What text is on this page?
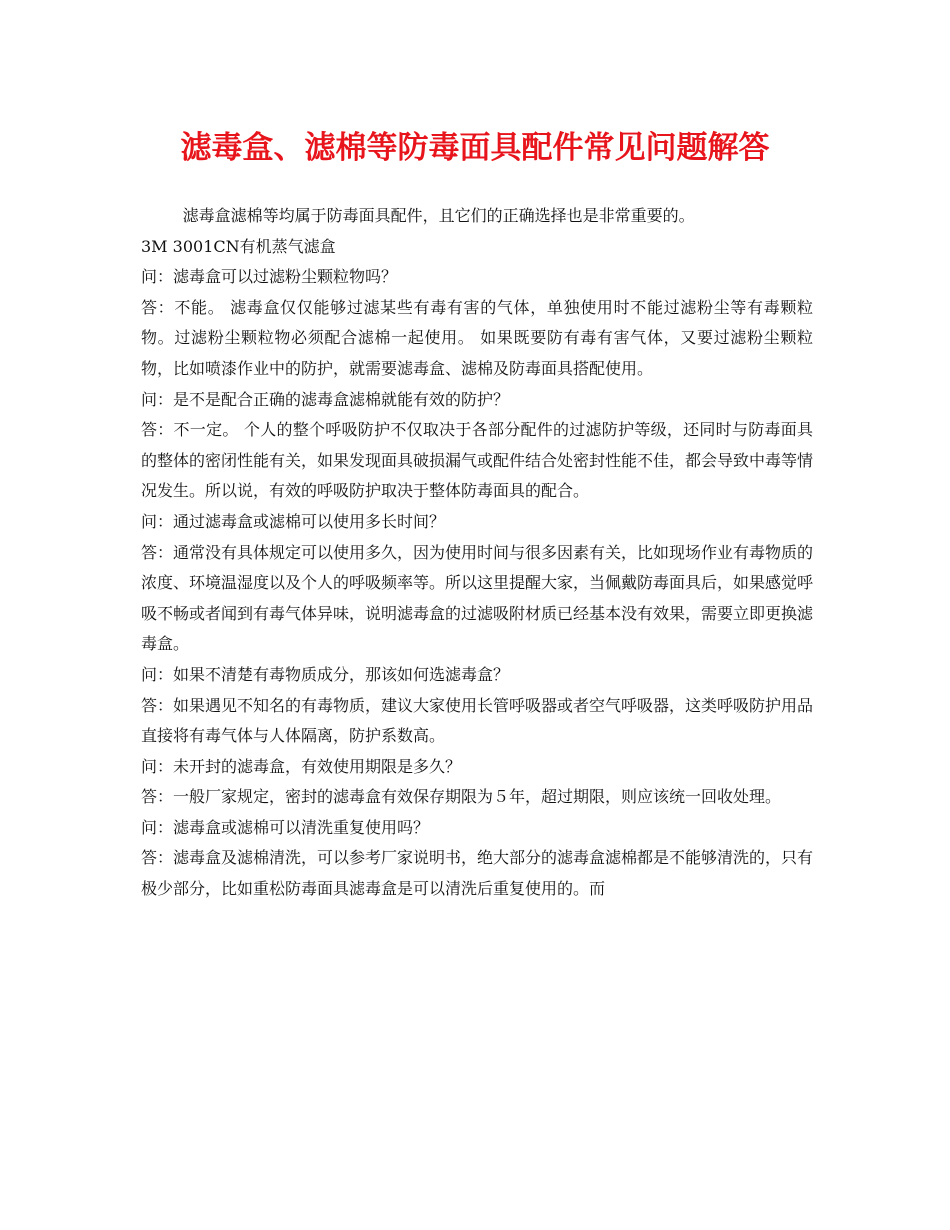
滤毒盒、滤棉等防毒面具配件常见问题解答

滤毒盒滤棉等均属于防毒面具配件，且它们的正确选择也是非常重要的。

3M 3001CN有机蒸气滤盒

问：滤毒盒可以过滤粉尘颗粒物吗？

答：不能。 滤毒盒仅仅能够过滤某些有毒有害的气体，单独使用时不能过滤粉尘等有毒颗粒物。过滤粉尘颗粒物必须配合滤棉一起使用。 如果既要防有毒有害气体，又要过滤粉尘颗粒物，比如喷漆作业中的防护，就需要滤毒盒、滤棉及防毒面具搭配使用。

问：是不是配合正确的滤毒盒滤棉就能有效的防护？

答：不一定。 个人的整个呼吸防护不仅取决于各部分配件的过滤防护等级，还同时与防毒面具的整体的密闭性能有关，如果发现面具破损漏气或配件结合处密封性能不佳，都会导致中毒等情况发生。所以说，有效的呼吸防护取决于整体防毒面具的配合。

问：通过滤毒盒或滤棉可以使用多长时间？

答：通常没有具体规定可以使用多久，因为使用时间与很多因素有关，比如现场作业有毒物质的浓度、环境温湿度以及个人的呼吸频率等。所以这里提醒大家，当佩戴防毒面具后，如果感觉呼吸不畅或者闻到有毒气体异味，说明滤毒盒的过滤吸附材质已经基本没有效果，需要立即更换滤毒盒。

问：如果不清楚有毒物质成分，那该如何选滤毒盒？

答：如果遇见不知名的有毒物质，建议大家使用长管呼吸器或者空气呼吸器，这类呼吸防护用品直接将有毒气体与人体隔离，防护系数高。

问：未开封的滤毒盒，有效使用期限是多久？

答：一般厂家规定，密封的滤毒盒有效保存期限为５年，超过期限，则应该统一回收处理。

问：滤毒盒或滤棉可以清洗重复使用吗？

答：滤毒盒及滤棉清洗，可以参考厂家说明书，绝大部分的滤毒盒滤棉都是不能够清洗的，只有极少部分，比如重松防毒面具滤毒盒是可以清洗后重复使用的。而
